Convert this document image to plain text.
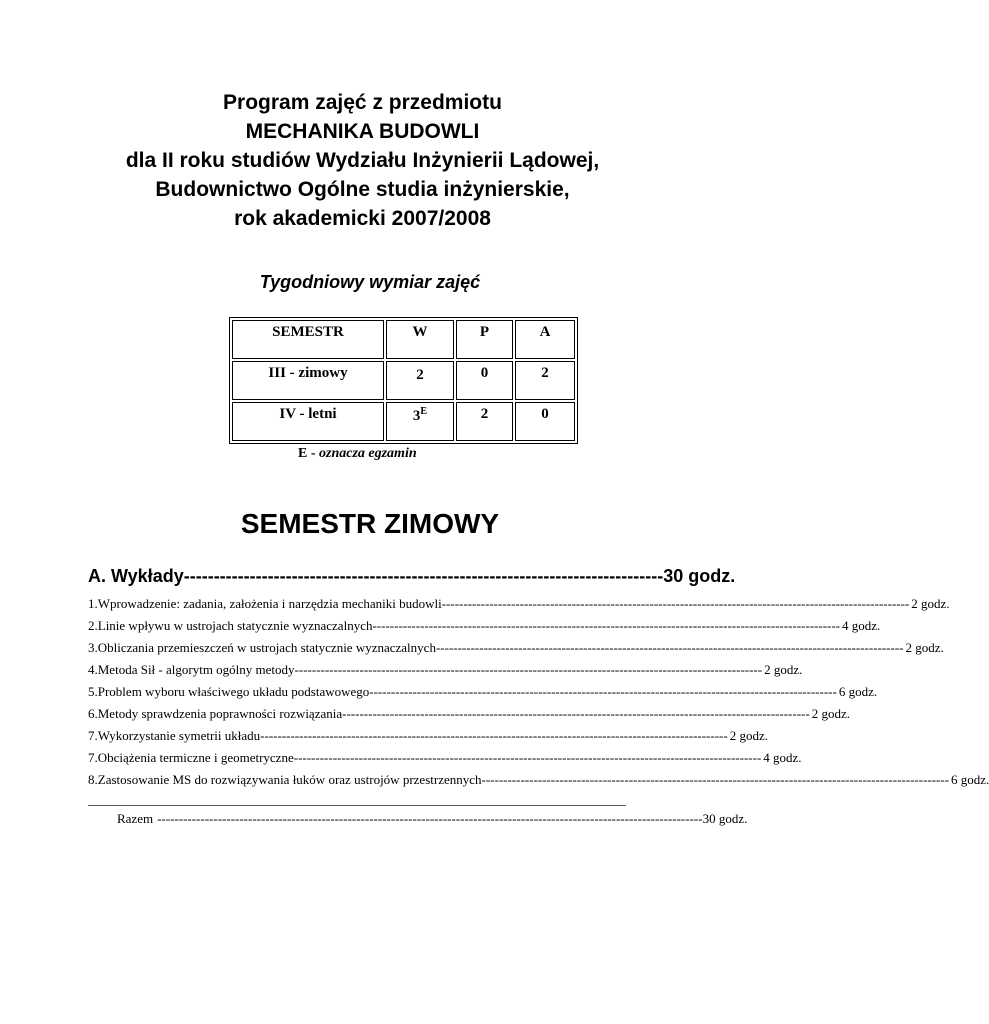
Program zajęć z przedmiotu
MECHANIKA BUDOWLI
dla II roku studiów Wydziału Inżynierii Lądowej,
Budownictwo Ogólne studia inżynierskie,
rok akademicki 2007/2008
Tygodniowy wymiar zajęć
SEMESTR	W	P	A
III - zimowy	2	0	2
IV - letni	$3^E$	2	0
E - oznacza egzamin
SEMESTR ZIMOWY
A. Wykłady -------------------------------------------------------------------------------- 30 godz.
1. Wprowadzenie: zadania, założenia i narzędzia mechaniki budowli ------------------------------------------------------------------------------------------------------------ 2 godz.
2. Linie wpływu w ustrojach statycznie wyznaczalnych ------------------------------------------------------------------------------------------------------------ 4 godz.
3. Obliczania przemieszczeń w ustrojach statycznie wyznaczalnych ------------------------------------------------------------------------------------------------------------ 2 godz.
4. Metoda Sił - algorytm ogólny metody ------------------------------------------------------------------------------------------------------------ 2 godz.
5. Problem wyboru właściwego układu podstawowego ------------------------------------------------------------------------------------------------------------ 6 godz.
6. Metody sprawdzenia poprawności rozwiązania ------------------------------------------------------------------------------------------------------------ 2 godz.
7. Wykorzystanie symetrii układu ------------------------------------------------------------------------------------------------------------ 2 godz.
7. Obciążenia termiczne i geometryczne ------------------------------------------------------------------------------------------------------------ 4 godz.
8. Zastosowanie MS do rozwiązywania łuków oraz ustrojów przestrzennych ------------------------------------------------------------------------------------------------------------ 6 godz.
Razem ------------------------------------------------------------------------------------------------------------------------------ 30 godz.
